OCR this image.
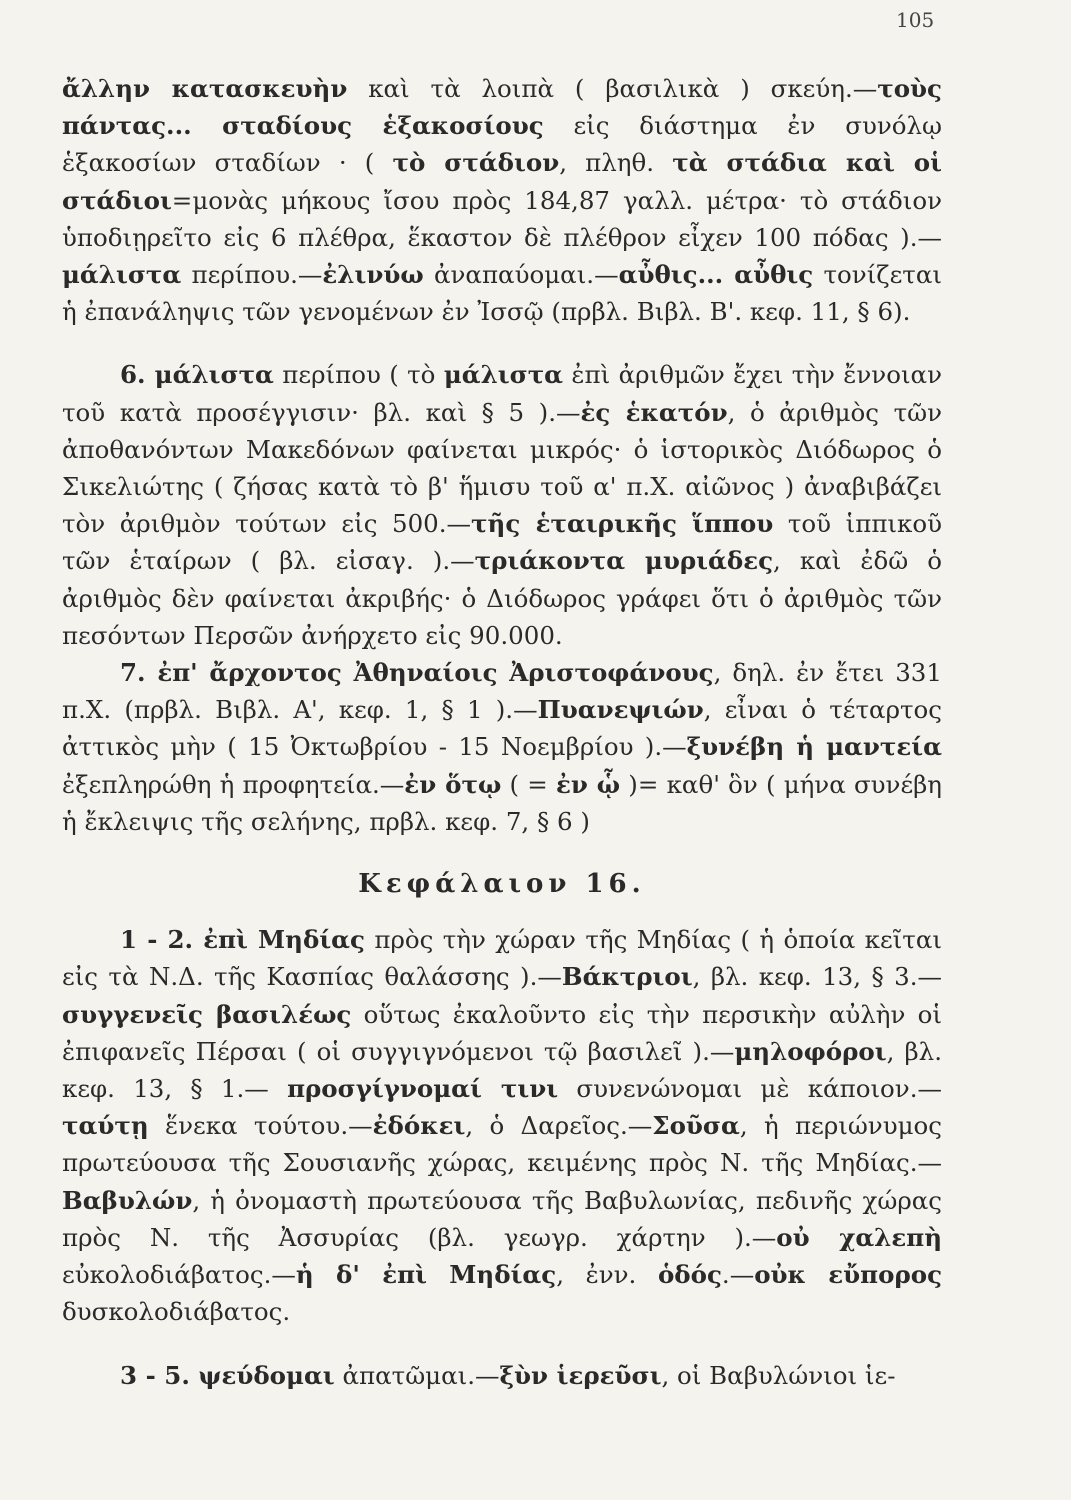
105

ἄλλην κατασκευὴν καὶ τὰ λοιπὰ ( βασιλικὰ ) σκεύη.—τοὺς πάντας... σταδίους ἑξακοσίους εἰς διάστημα ἐν συνόλῳ ἑξακοσίων σταδίων · ( τὸ στάδιον, πληθ. τὰ στάδια καὶ οἱ στάδιοι=μονὰς μήκους ἴσου πρὸς 184,87 γαλλ. μέτρα· τὸ στάδιον ὑποδιῃρεῖτο εἰς 6 πλέθρα, ἕκαστον δὲ πλέθρον εἶχεν 100 πόδας ).— μάλιστα περίπου.—ἐλινύω ἀναπαύομαι.—αὖθις... αὖθις τονίζεται ἡ ἐπανάληψις τῶν γενομένων ἐν Ἰσσῷ (πρβλ. Βιβλ. Β'. κεφ. 11, § 6).

6. μάλιστα περίπου ( τὸ μάλιστα ἐπὶ ἀριθμῶν ἔχει τὴν ἔννοιαν τοῦ κατὰ προσέγγισιν· βλ. καὶ § 5 ).—ἐς ἑκατόν, ὁ ἀριθμὸς τῶν ἀποθανόντων Μακεδόνων φαίνεται μικρός· ὁ ἱστορικὸς Διόδωρος ὁ Σικελιώτης ( ζήσας κατὰ τὸ β' ἥμισυ τοῦ α' π.Χ. αἰῶνος ) ἀναβιβάζει τὸν ἀριθμὸν τούτων εἰς 500.—τῆς ἑταιρικῆς ἵππου τοῦ ἱππικοῦ τῶν ἑταίρων ( βλ. εἰσαγ. ).—τριάκοντα μυριάδες, καὶ ἐδῶ ὁ ἀριθμὸς δὲν φαίνεται ἀκριβής· ὁ Διόδωρος γράφει ὅτι ὁ ἀριθμὸς τῶν πεσόντων Περσῶν ἀνήρχετο εἰς 90.000.

7. ἐπ' ἄρχοντος Ἀθηναίοις Ἀριστοφάνους, δηλ. ἐν ἔτει 331 π.Χ. (πρβλ. Βιβλ. Α', κεφ. 1, § 1 ).—Πυανεψιών, εἶναι ὁ τέταρτος ἀττικὸς μὴν ( 15 Ὀκτωβρίου - 15 Νοεμβρίου ).—ξυνέβη ἡ μαντεία ἐξεπληρώθη ἡ προφητεία.—ἐν ὅτῳ ( = ἐν ᾧ )= καθ' ὃν ( μήνα συνέβη ἡ ἔκλειψις τῆς σελήνης, πρβλ. κεφ. 7, § 6 )

Κεφάλαιον 16.

1 - 2. ἐπὶ Μηδίας πρὸς τὴν χώραν τῆς Μηδίας ( ἡ ὁποία κεῖται εἰς τὰ Ν.Δ. τῆς Κασπίας θαλάσσης ).—Βάκτριοι, βλ. κεφ. 13, § 3.— συγγενεῖς βασιλέως οὕτως ἐκαλοῦντο εἰς τὴν περσικὴν αὐλὴν οἱ ἐπιφανεῖς Πέρσαι ( οἱ συγγιγνόμενοι τῷ βασιλεῖ ).—μηλοφόροι, βλ. κεφ. 13, § 1.— προσγίγνομαί τινι συνενώνομαι μὲ κάποιον.—ταύτῃ ἕνεκα τούτου.—ἐδόκει, ὁ Δαρεῖος.—Σοῦσα, ἡ περιώνυμος πρωτεύουσα τῆς Σουσιανῆς χώρας, κειμένης πρὸς Ν. τῆς Μηδίας.—Βαβυλών, ἡ ὀνομαστὴ πρωτεύουσα τῆς Βαβυλωνίας, πεδινῆς χώρας πρὸς Ν. τῆς Ἀσσυρίας (βλ. γεωγρ. χάρτην ).—οὐ χαλεπὴ εὐκολοδιάβατος.—ἡ δ' ἐπὶ Μηδίας, ἐνν. ὁδός.—οὐκ εὔπορος δυσκολοδιάβατος.

3 - 5. ψεύδομαι ἀπατῶμαι.—ξὺν ἱερεῦσι, οἱ Βαβυλώνιοι ἱε-
